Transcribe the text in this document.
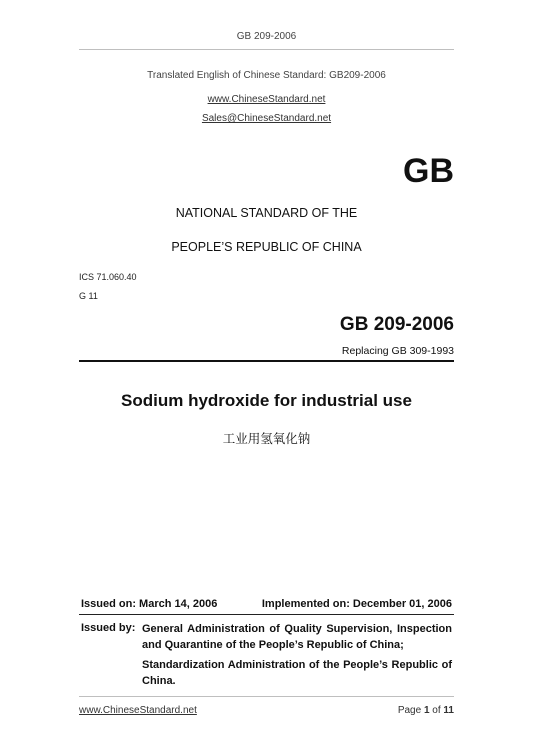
GB 209-2006
Translated English of Chinese Standard: GB209-2006
www.ChineseStandard.net
Sales@ChineseStandard.net
GB
NATIONAL STANDARD OF THE
PEOPLE’S REPUBLIC OF CHINA
ICS 71.060.40
G 11
GB 209-2006
Replacing GB 309-1993
Sodium hydroxide for industrial use
工业用氢氧化钠
Issued on: March 14, 2006	Implemented on: December 01, 2006
Issued by: General Administration of Quality Supervision, Inspection and Quarantine of the People’s Republic of China;
Standardization Administration of the People’s Republic of China.
www.ChineseStandard.net	Page 1 of 11
